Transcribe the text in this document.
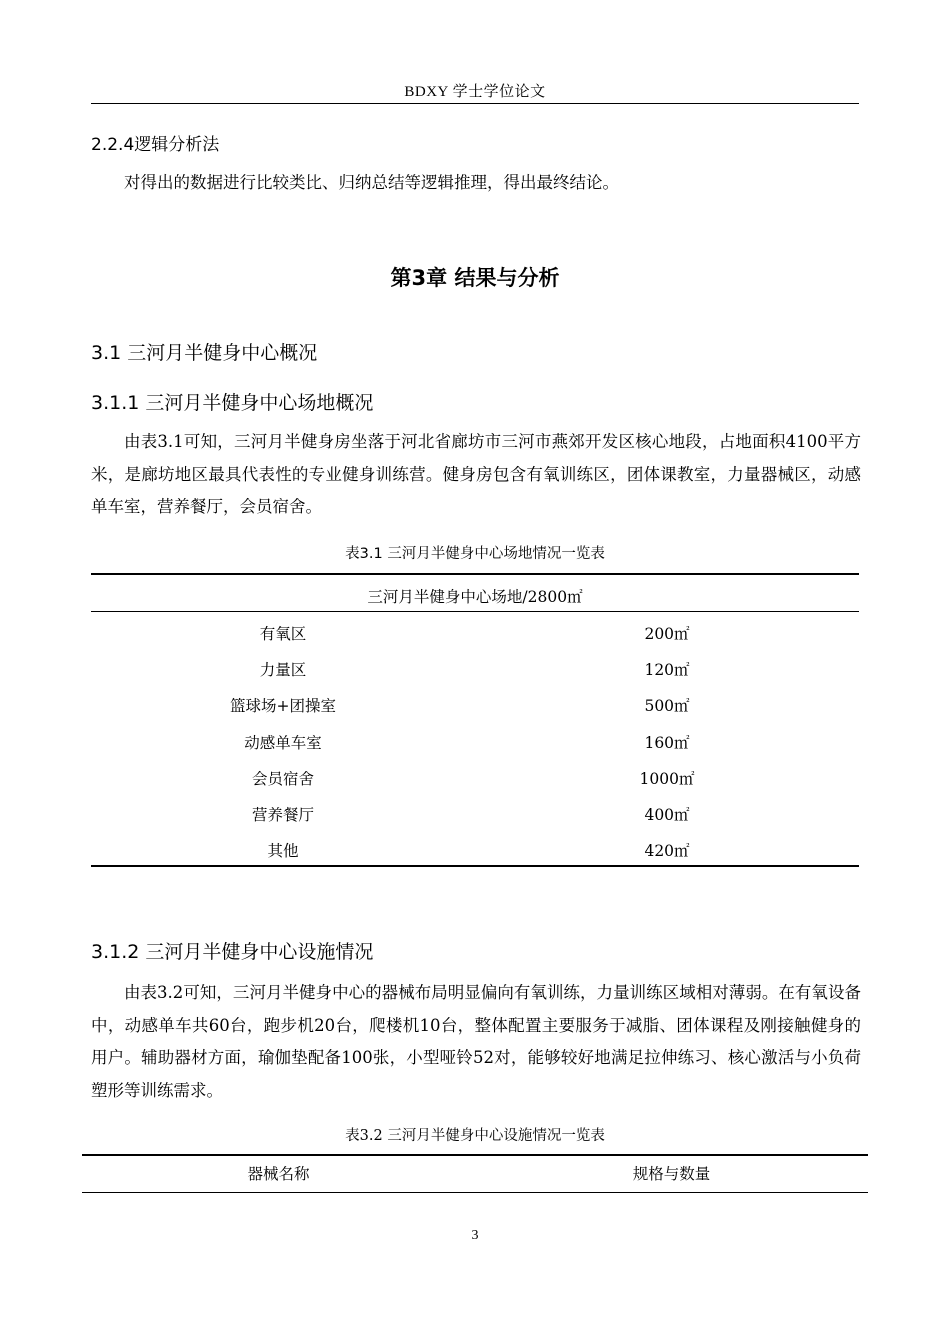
BDXY 学士学位论文
2.2.4逻辑分析法
对得出的数据进行比较类比、归纳总结等逻辑推理，得出最终结论。
第3章 结果与分析
3.1 三河月半健身中心概况
3.1.1 三河月半健身中心场地概况
由表3.1可知，三河月半健身房坐落于河北省廊坊市三河市燕郊开发区核心地段，占地面积4100平方米，是廊坊地区最具代表性的专业健身训练营。健身房包含有氧训练区，团体课教室，力量器械区，动感单车室，营养餐厅，会员宿舍。
表3.1 三河月半健身中心场地情况一览表
三河月半健身中心场地/2800㎡
有氧区	200㎡
力量区	120㎡
篮球场+团操室	500㎡
动感单车室	160㎡
会员宿舍	1000㎡
营养餐厅	400㎡
其他	420㎡
3.1.2 三河月半健身中心设施情况
由表3.2可知，三河月半健身中心的器械布局明显偏向有氧训练，力量训练区域相对薄弱。在有氧设备中，动感单车共60台，跑步机20台，爬楼机10台，整体配置主要服务于减脂、团体课程及刚接触健身的用户。辅助器材方面，瑜伽垫配备100张，小型哑铃52对，能够较好地满足拉伸练习、核心激活与小负荷塑形等训练需求。
表3.2 三河月半健身中心设施情况一览表
器械名称	规格与数量
3
